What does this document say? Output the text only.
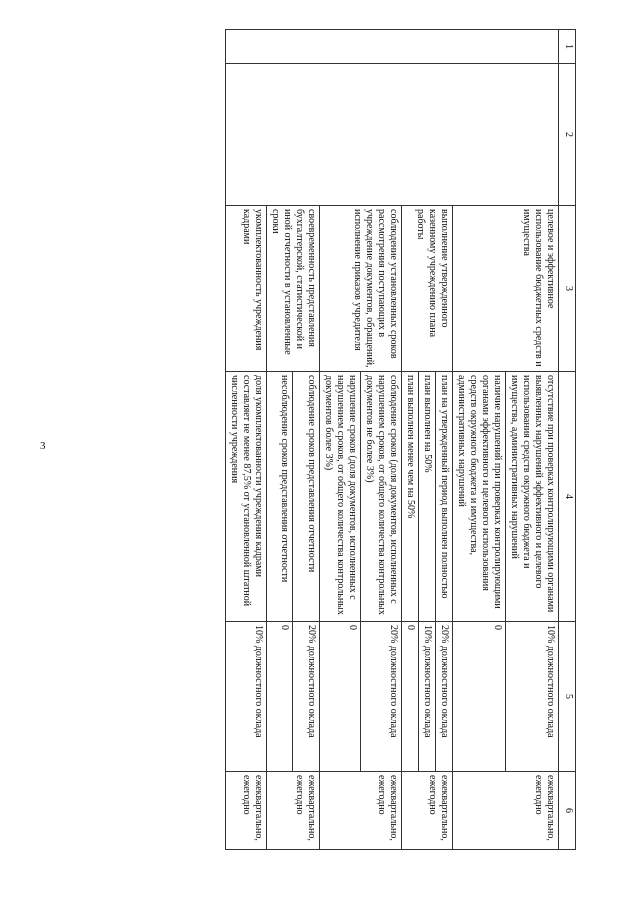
3
1	2	3	4	5	6
		целевое и эффективное использование бюджетных средств и имущества	отсутствие при проверках контролирующими органами выявленных нарушений эффективного и целевого использования средств окружного бюджета и имущества, административных нарушений	10% должностного оклада	ежеквартально, ежегодно
			наличие нарушений при проверках контролирующими органами эффективного и целевого использования средств окружного бюджета и имущества, административных нарушений	0	
		выполнение утвержденного казенному учреждению плана работы	план на утвержденный период выполнен полностью	20% должностного оклада	ежеквартально, ежегодно
			план выполнен на 50%	10% должностного оклада	
			план выполнен менее чем на 50%	0	
		соблюдение установленных сроков рассмотрения поступающих в учреждение документов, обращений, исполнение приказов учредителя	соблюдение сроков (доля документов, исполненных с нарушением сроков, от общего количества контрольных документов не более 3%)	20% должностного оклада	ежеквартально, ежегодно
			нарушение сроков (доля документов, исполненных с нарушением сроков, от общего количества контрольных документов более 3%)	0	
		своевременность представления бухгалтерской, статистической и иной отчетности в установленные сроки	соблюдение сроков представления отчетности	20% должностного оклада	ежеквартально, ежегодно
			несоблюдение сроков представления отчетности	0	
		укомплектованность учреждения кадрами	доля укомплектованности учреждения кадрами составляет не менее 87,5% от установленной штатной численности учреждения	10% должностного оклада	ежеквартально, ежегодно
